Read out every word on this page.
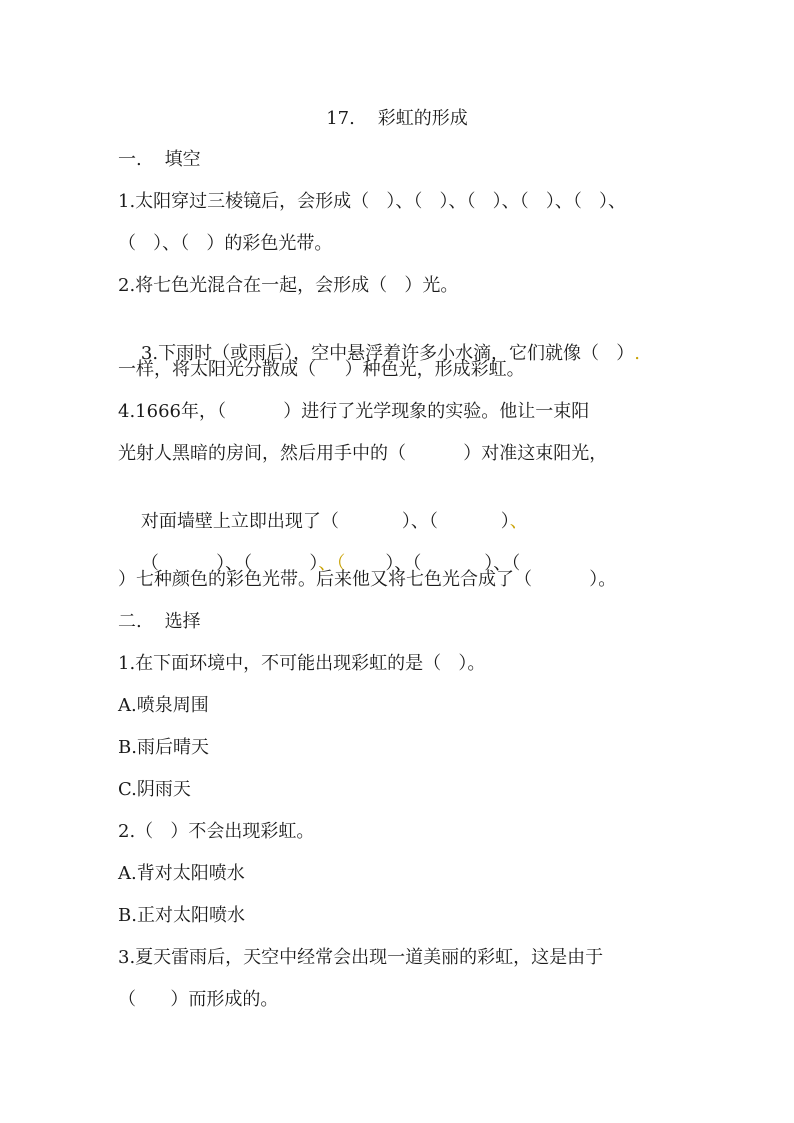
17.    彩虹的形成
一.    填空
1.太阳穿过三棱镜后，会形成（   ）、（   ）、（   ）、（   ）、（   ）、
（   ）、（   ）的彩色光带。
2.将七色光混合在一起，会形成（   ）光。

3.下雨时（或雨后），空中悬浮着许多小水滴，它们就像（   ）.

一样，将太阳光分散成（     ）种色光，形成彩虹。
4.1666年，（          ）进行了光学现象的实验。他让一束阳
光射人黑暗的房间，然后用手中的（          ）对准这束阳光，

对面墙壁上立即出现了（           ）、（           ）、

（          ）、（          ）、（ ）、（           ）、（

）七种颜色的彩色光带。后来他又将七色光合成了（          ）。
二.    选择
1.在下面环境中，不可能出现彩虹的是（   ）。
A.喷泉周围
B.雨后晴天
C.阴雨天
2.（   ）不会出现彩虹。
A.背对太阳喷水
B.正对太阳喷水
3.夏天雷雨后，天空中经常会出现一道美丽的彩虹，这是由于
（      ）而形成的。
